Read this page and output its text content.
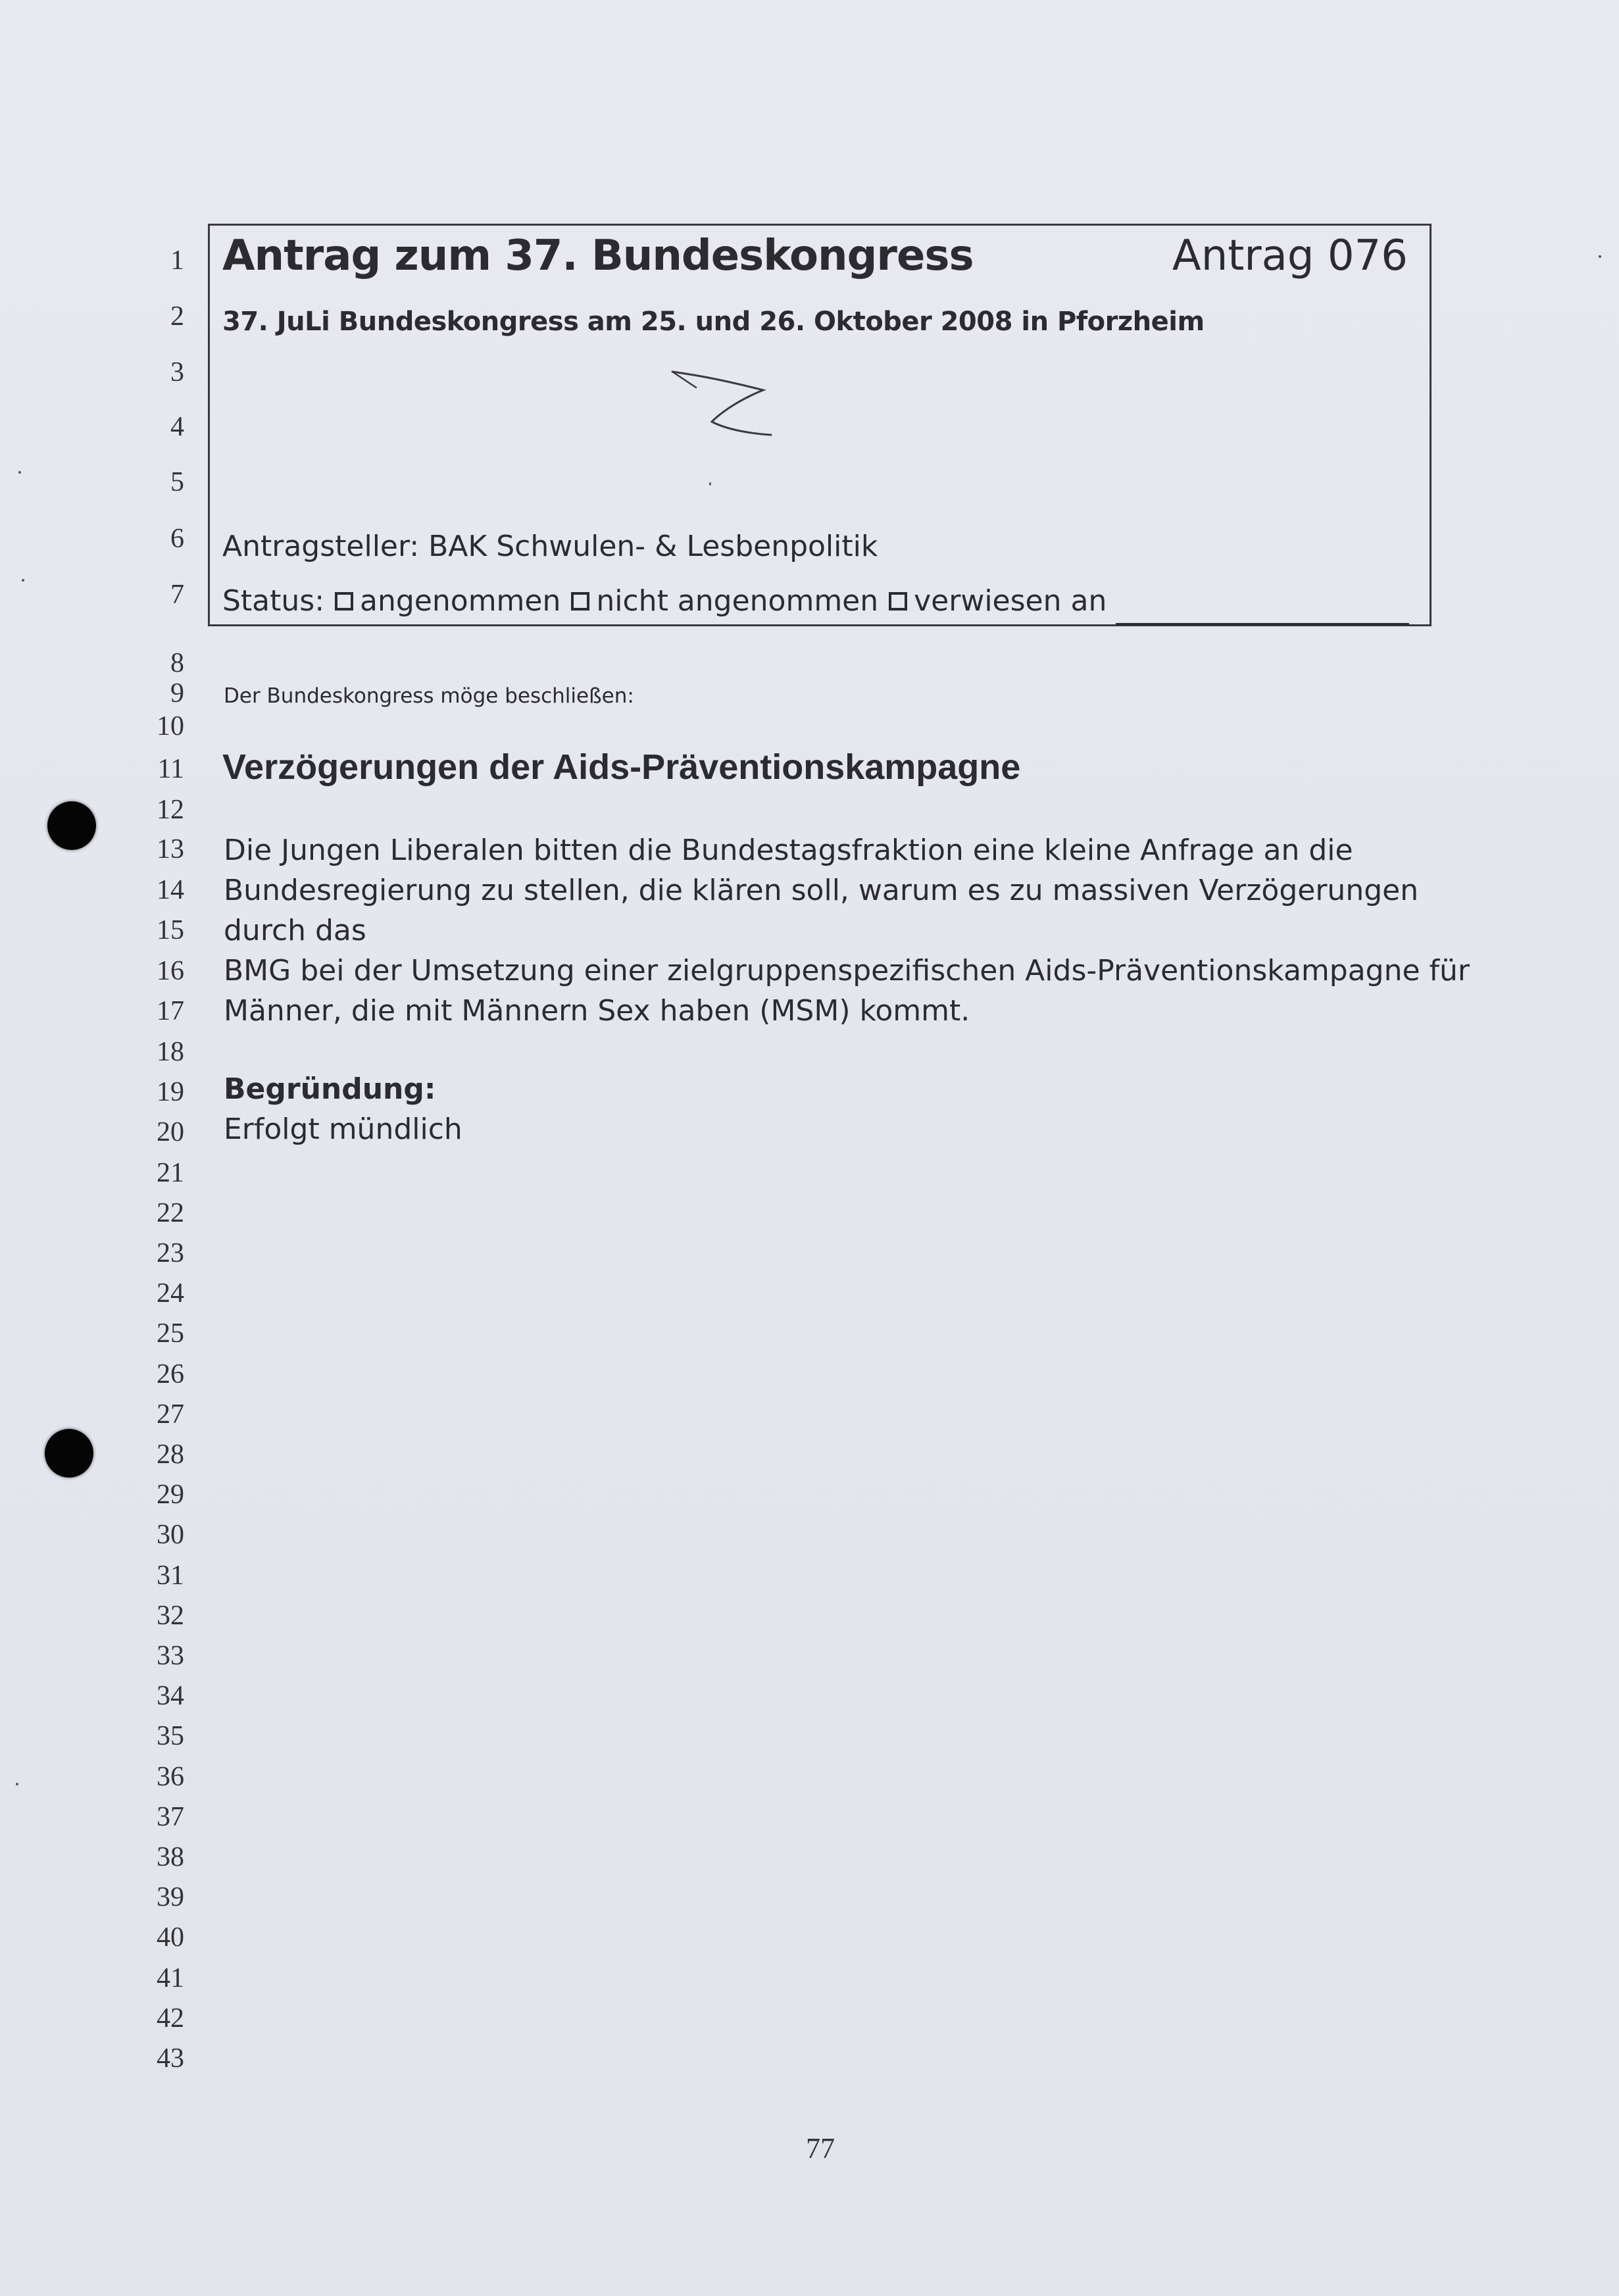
1
2
3
4
5
6
7
8
9
10
11
12
13
14
15
16
17
18
19
20
21
22
23
24
25
26
27
28
29
30
31
32
33
34
35
36
37
38
39
40
41
42
43
Antrag zum 37. Bundeskongress	Antrag 076
37. JuLi Bundeskongress am 25. und 26. Oktober 2008 in Pforzheim
Antragsteller: BAK Schwulen- & Lesbenpolitik
Status: angenommen nicht angenommen verwiesen an
Der Bundeskongress möge beschließen:
Verzögerungen der Aids-Präventionskampagne
Die Jungen Liberalen bitten die Bundestagsfraktion eine kleine Anfrage an die
Bundesregierung zu stellen, die klären soll, warum es zu massiven Verzögerungen
durch das
BMG bei der Umsetzung einer zielgruppenspezifischen Aids-Präventionskampagne für
Männer, die mit Männern Sex haben (MSM) kommt.
Begründung:
Erfolgt mündlich
77
